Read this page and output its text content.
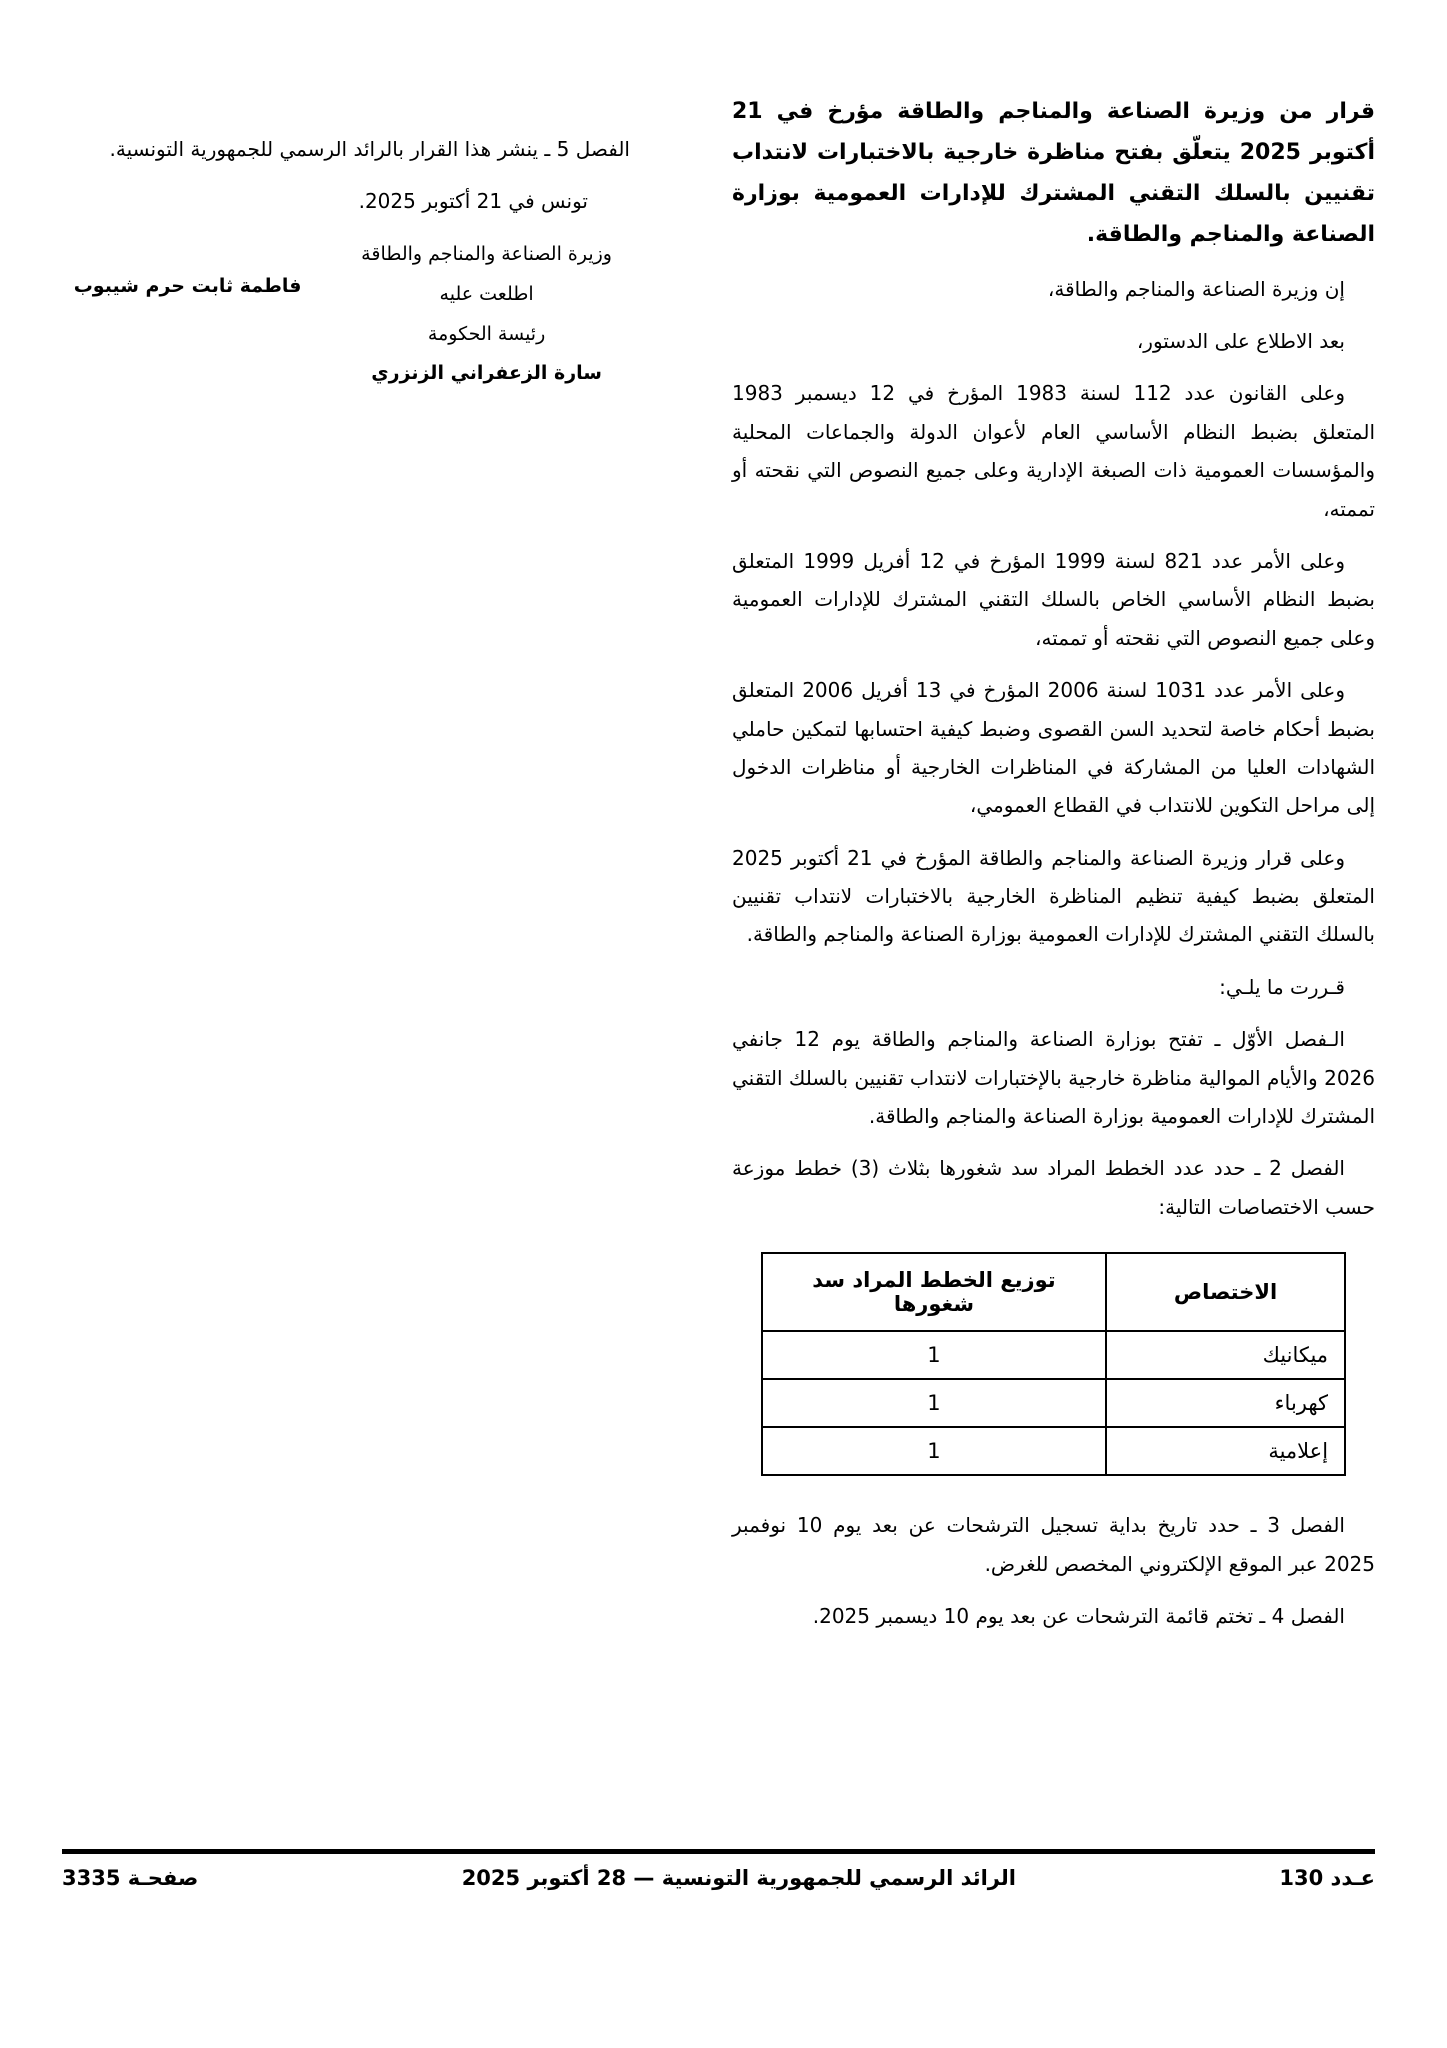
قرار من وزيرة الصناعة والمناجم والطاقة مؤرخ في 21 أكتوبر 2025 يتعلّق بفتح مناظرة خارجية بالاختبارات لانتداب تقنيين بالسلك التقني المشترك للإدارات العمومية بوزارة الصناعة والمناجم والطاقة.

إن وزيرة الصناعة والمناجم والطاقة،

بعد الاطلاع على الدستور،

وعلى القانون عدد 112 لسنة 1983 المؤرخ في 12 ديسمبر 1983 المتعلق بضبط النظام الأساسي العام لأعوان الدولة والجماعات المحلية والمؤسسات العمومية ذات الصبغة الإدارية وعلى جميع النصوص التي نقحته أو تممته،

وعلى الأمر عدد 821 لسنة 1999 المؤرخ في 12 أفريل 1999 المتعلق بضبط النظام الأساسي الخاص بالسلك التقني المشترك للإدارات العمومية وعلى جميع النصوص التي نقحته أو تممته،

وعلى الأمر عدد 1031 لسنة 2006 المؤرخ في 13 أفريل 2006 المتعلق بضبط أحكام خاصة لتحديد السن القصوى وضبط كيفية احتسابها لتمكين حاملي الشهادات العليا من المشاركة في المناظرات الخارجية أو مناظرات الدخول إلى مراحل التكوين للانتداب في القطاع العمومي،

وعلى قرار وزيرة الصناعة والمناجم والطاقة المؤرخ في 21 أكتوبر 2025 المتعلق بضبط كيفية تنظيم المناظرة الخارجية بالاختبارات لانتداب تقنيين بالسلك التقني المشترك للإدارات العمومية بوزارة الصناعة والمناجم والطاقة.

قـررت ما يلـي:

الـفصل الأوّل ـ تفتح بوزارة الصناعة والمناجم والطاقة يوم 12 جانفي 2026 والأيام الموالية مناظرة خارجية بالإختبارات لانتداب تقنيين بالسلك التقني المشترك للإدارات العمومية بوزارة الصناعة والمناجم والطاقة.

الفصل 2 ـ حدد عدد الخطط المراد سد شغورها بثلاث (3) خطط موزعة حسب الاختصاصات التالية:

الاختصاص	توزيع الخطط المراد سد شغورها
ميكانيك	1
كهرباء	1
إعلامية	1

الفصل 3 ـ حدد تاريخ بداية تسجيل الترشحات عن بعد يوم 10 نوفمبر 2025 عبر الموقع الإلكتروني المخصص للغرض.

الفصل 4 ـ تختم قائمة الترشحات عن بعد يوم 10 ديسمبر 2025.

الفصل 5 ـ ينشر هذا القرار بالرائد الرسمي للجمهورية التونسية.

تونس في 21 أكتوبر 2025.

وزيرة الصناعة والمناجم والطاقة
اطلعت عليه
رئيسة الحكومة
سارة الزعفراني الزنزري
فاطمة ثابت حرم شيبوب
عـدد 130
الرائد الرسمي للجمهورية التونسية — 28 أكتوبر 2025
صفحـة 3335
